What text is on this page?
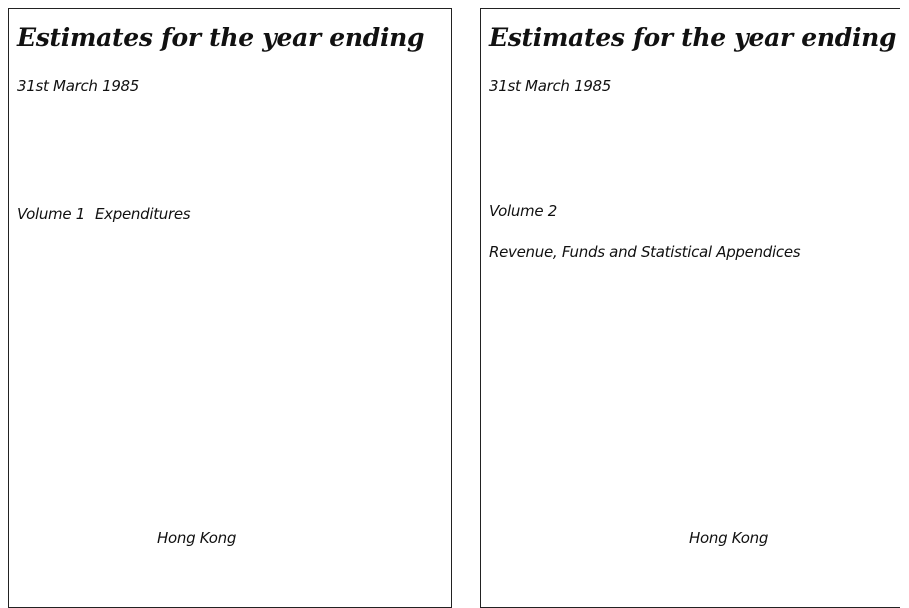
Estimates for the year ending
31st March 1985
Volume 1 Expenditures
Hong Kong
Estimates for the year ending
31st March 1985
Volume 2
Revenue, Funds and Statistical Appendices
Hong Kong
